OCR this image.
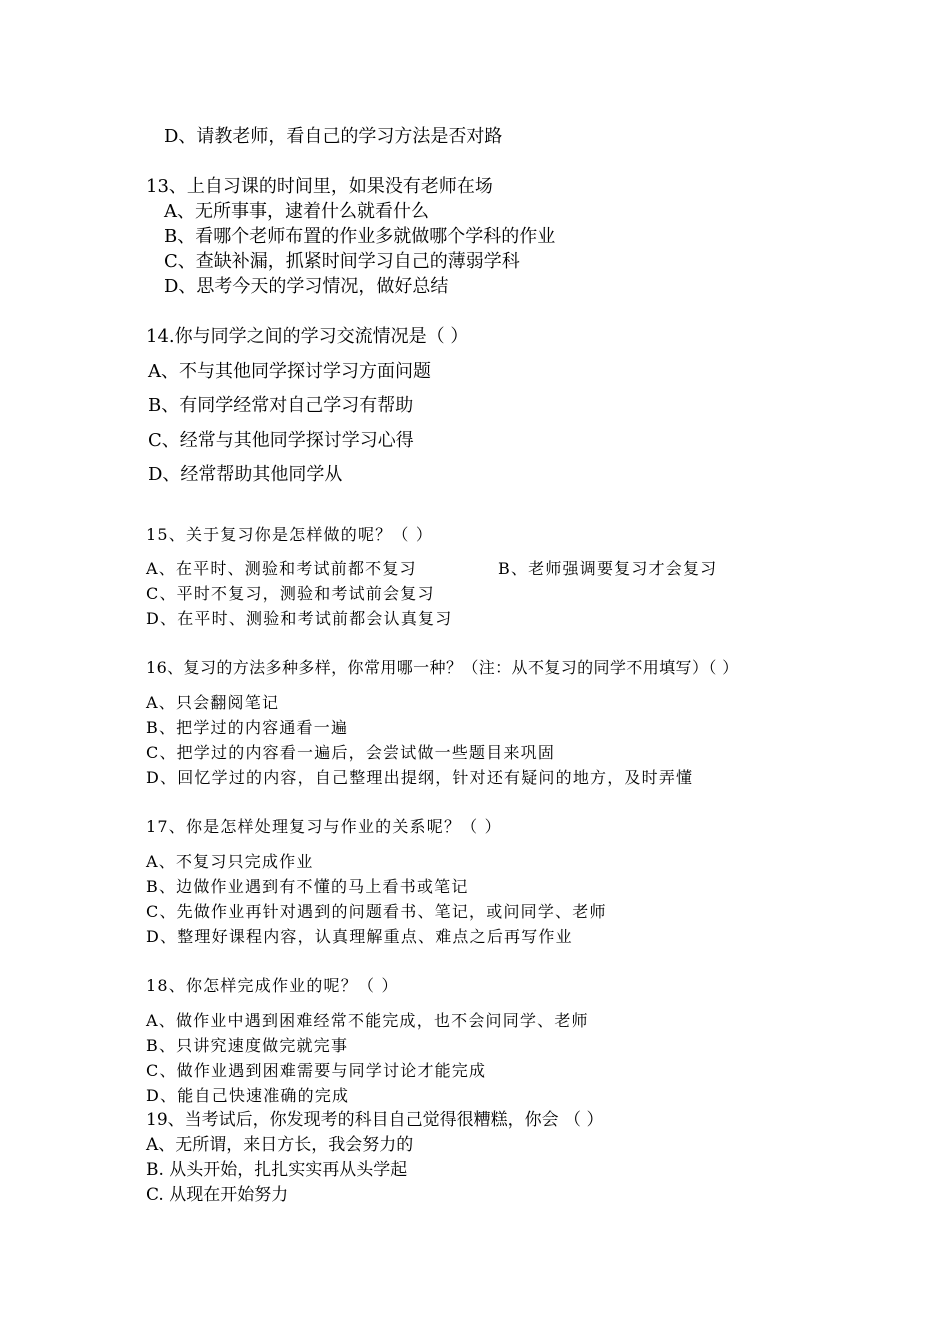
D、请教老师，看自己的学习方法是否对路

13、上自习课的时间里，如果没有老师在场

A、无所事事，逮着什么就看什么

B、看哪个老师布置的作业多就做哪个学科的作业

C、查缺补漏，抓紧时间学习自己的薄弱学科

D、思考今天的学习情况，做好总结

14.你与同学之间的学习交流情况是（ ）

A、不与其他同学探讨学习方面问题

B、有同学经常对自己学习有帮助

C、经常与其他同学探讨学习心得

D、经常帮助其他同学从

15、关于复习你是怎样做的呢？（ ）

A、在平时、测验和考试前都不复习	B、老师强调要复习才会复习

C、平时不复习，测验和考试前会复习

D、在平时、测验和考试前都会认真复习

16、复习的方法多种多样，你常用哪一种？（注：从不复习的同学不用填写）（ ）

A、只会翻阅笔记

B、把学过的内容通看一遍

C、把学过的内容看一遍后，会尝试做一些题目来巩固

D、回忆学过的内容，自己整理出提纲，针对还有疑问的地方，及时弄懂

17、你是怎样处理复习与作业的关系呢？（ ）

A、不复习只完成作业

B、边做作业遇到有不懂的马上看书或笔记

C、先做作业再针对遇到的问题看书、笔记，或问同学、老师

D、整理好课程内容，认真理解重点、难点之后再写作业

18、你怎样完成作业的呢？（ ）

A、做作业中遇到困难经常不能完成，也不会问同学、老师

B、只讲究速度做完就完事

C、做作业遇到困难需要与同学讨论才能完成

D、能自己快速准确的完成

19、当考试后，你发现考的科目自己觉得很糟糕，你会 （ ）

A、无所谓，来日方长，我会努力的

B. 从头开始，扎扎实实再从头学起

C. 从现在开始努力
